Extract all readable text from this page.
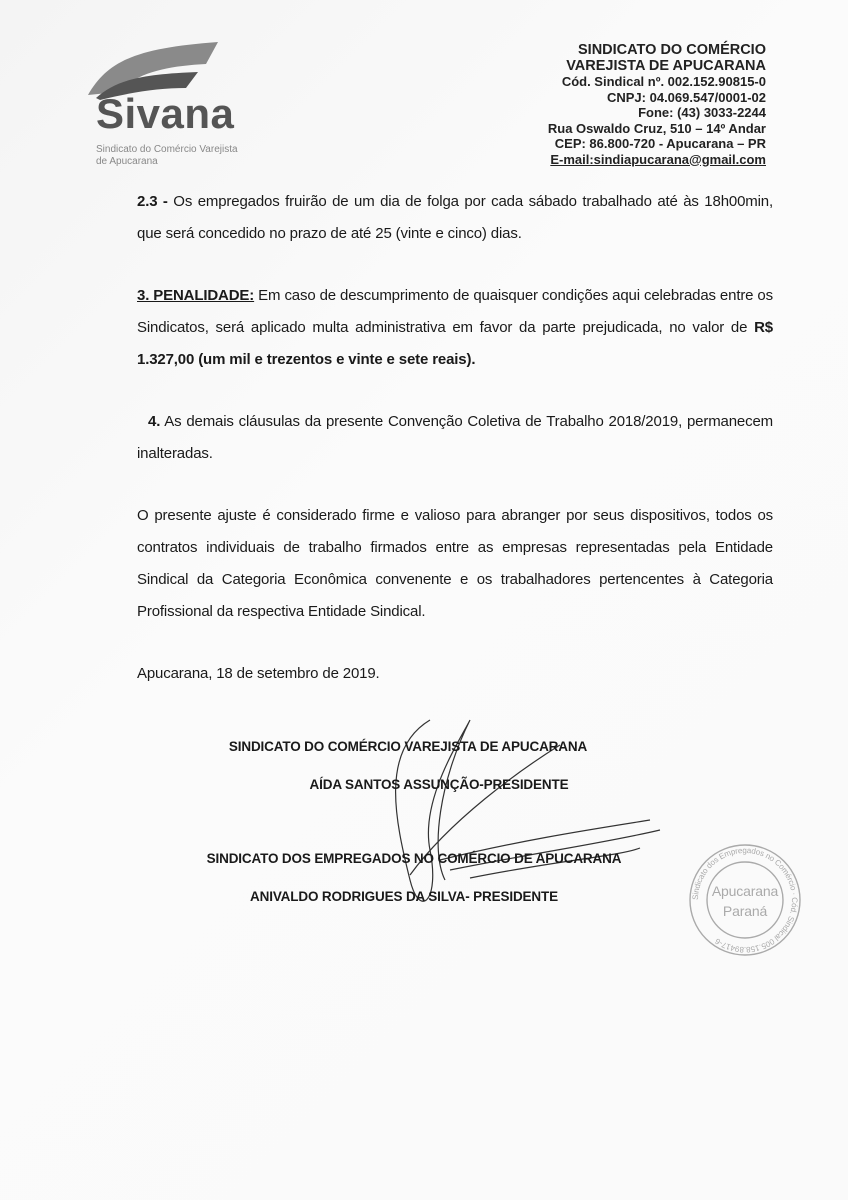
Sivana
Sindicato do Comércio Varejista
de Apucarana
SINDICATO DO COMÉRCIO
VAREJISTA DE APUCARANA
Cód. Sindical nº. 002.152.90815-0
CNPJ: 04.069.547/0001-02
Fone: (43) 3033-2244
Rua Oswaldo Cruz, 510 – 14º Andar
CEP: 86.800-720 - Apucarana – PR
E-mail:sindiapucarana@gmail.com

2.3 - Os empregados fruirão de um dia de folga por cada sábado trabalhado até às 18h00min, que será concedido no prazo de até 25 (vinte e cinco) dias.

3. PENALIDADE: Em caso de descumprimento de quaisquer condições aqui celebradas entre os Sindicatos, será aplicado multa administrativa em favor da parte prejudicada, no valor de R$ 1.327,00 (um mil e trezentos e vinte e sete reais).

4. As demais cláusulas da presente Convenção Coletiva de Trabalho 2018/2019, permanecem inalteradas.

O presente ajuste é considerado firme e valioso para abranger por seus dispositivos, todos os contratos individuais de trabalho firmados entre as empresas representadas pela Entidade Sindical da Categoria Econômica convenente e os trabalhadores pertencentes à Categoria Profissional da respectiva Entidade Sindical.

Apucarana, 18 de setembro de 2019.

Apucarana
Paraná
Sindicato dos Empregados no Comércio · Cód. Sindical 005.158.89417-6
SINDICATO DO COMÉRCIO VAREJISTA DE APUCARANA
AÍDA SANTOS ASSUNÇÃO-PRESIDENTE
SINDICATO DOS EMPREGADOS NO COMÉRCIO DE APUCARANA
ANIVALDO RODRIGUES DA SILVA- PRESIDENTE
